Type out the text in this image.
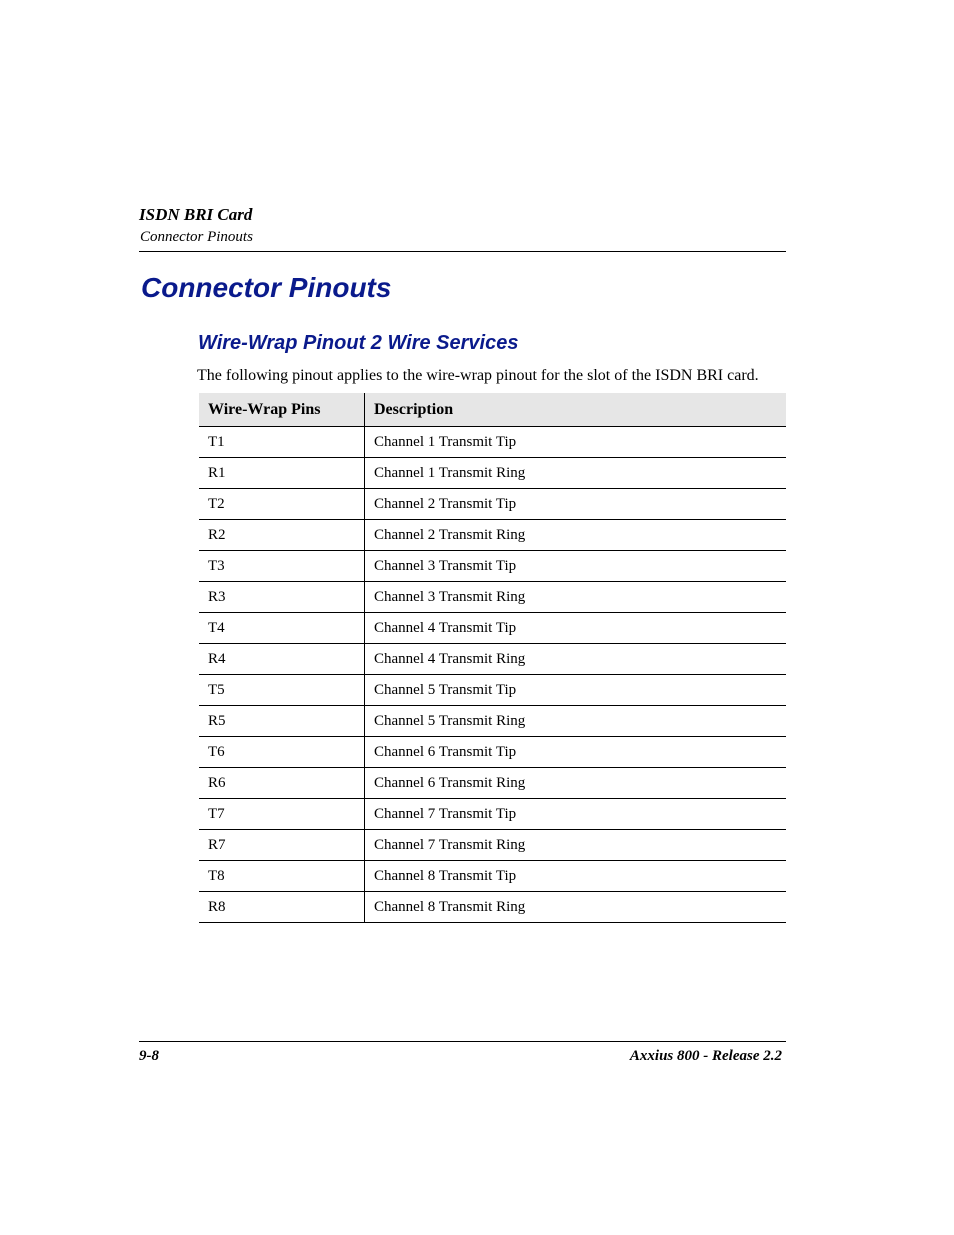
ISDN BRI Card

Connector Pinouts

Connector Pinouts
Wire-Wrap Pinout 2 Wire Services

The following pinout applies to the wire-wrap pinout for the slot of the ISDN BRI card.

Wire-Wrap Pins	Description
T1	Channel 1 Transmit Tip
R1	Channel 1 Transmit Ring
T2	Channel 2 Transmit Tip
R2	Channel 2 Transmit Ring
T3	Channel 3 Transmit Tip
R3	Channel 3 Transmit Ring
T4	Channel 4 Transmit Tip
R4	Channel 4 Transmit Ring
T5	Channel 5 Transmit Tip
R5	Channel 5 Transmit Ring
T6	Channel 6 Transmit Tip
R6	Channel 6 Transmit Ring
T7	Channel 7 Transmit Tip
R7	Channel 7 Transmit Ring
T8	Channel 8 Transmit Tip
R8	Channel 8 Transmit Ring

9-8	Axxius 800 - Release 2.2
